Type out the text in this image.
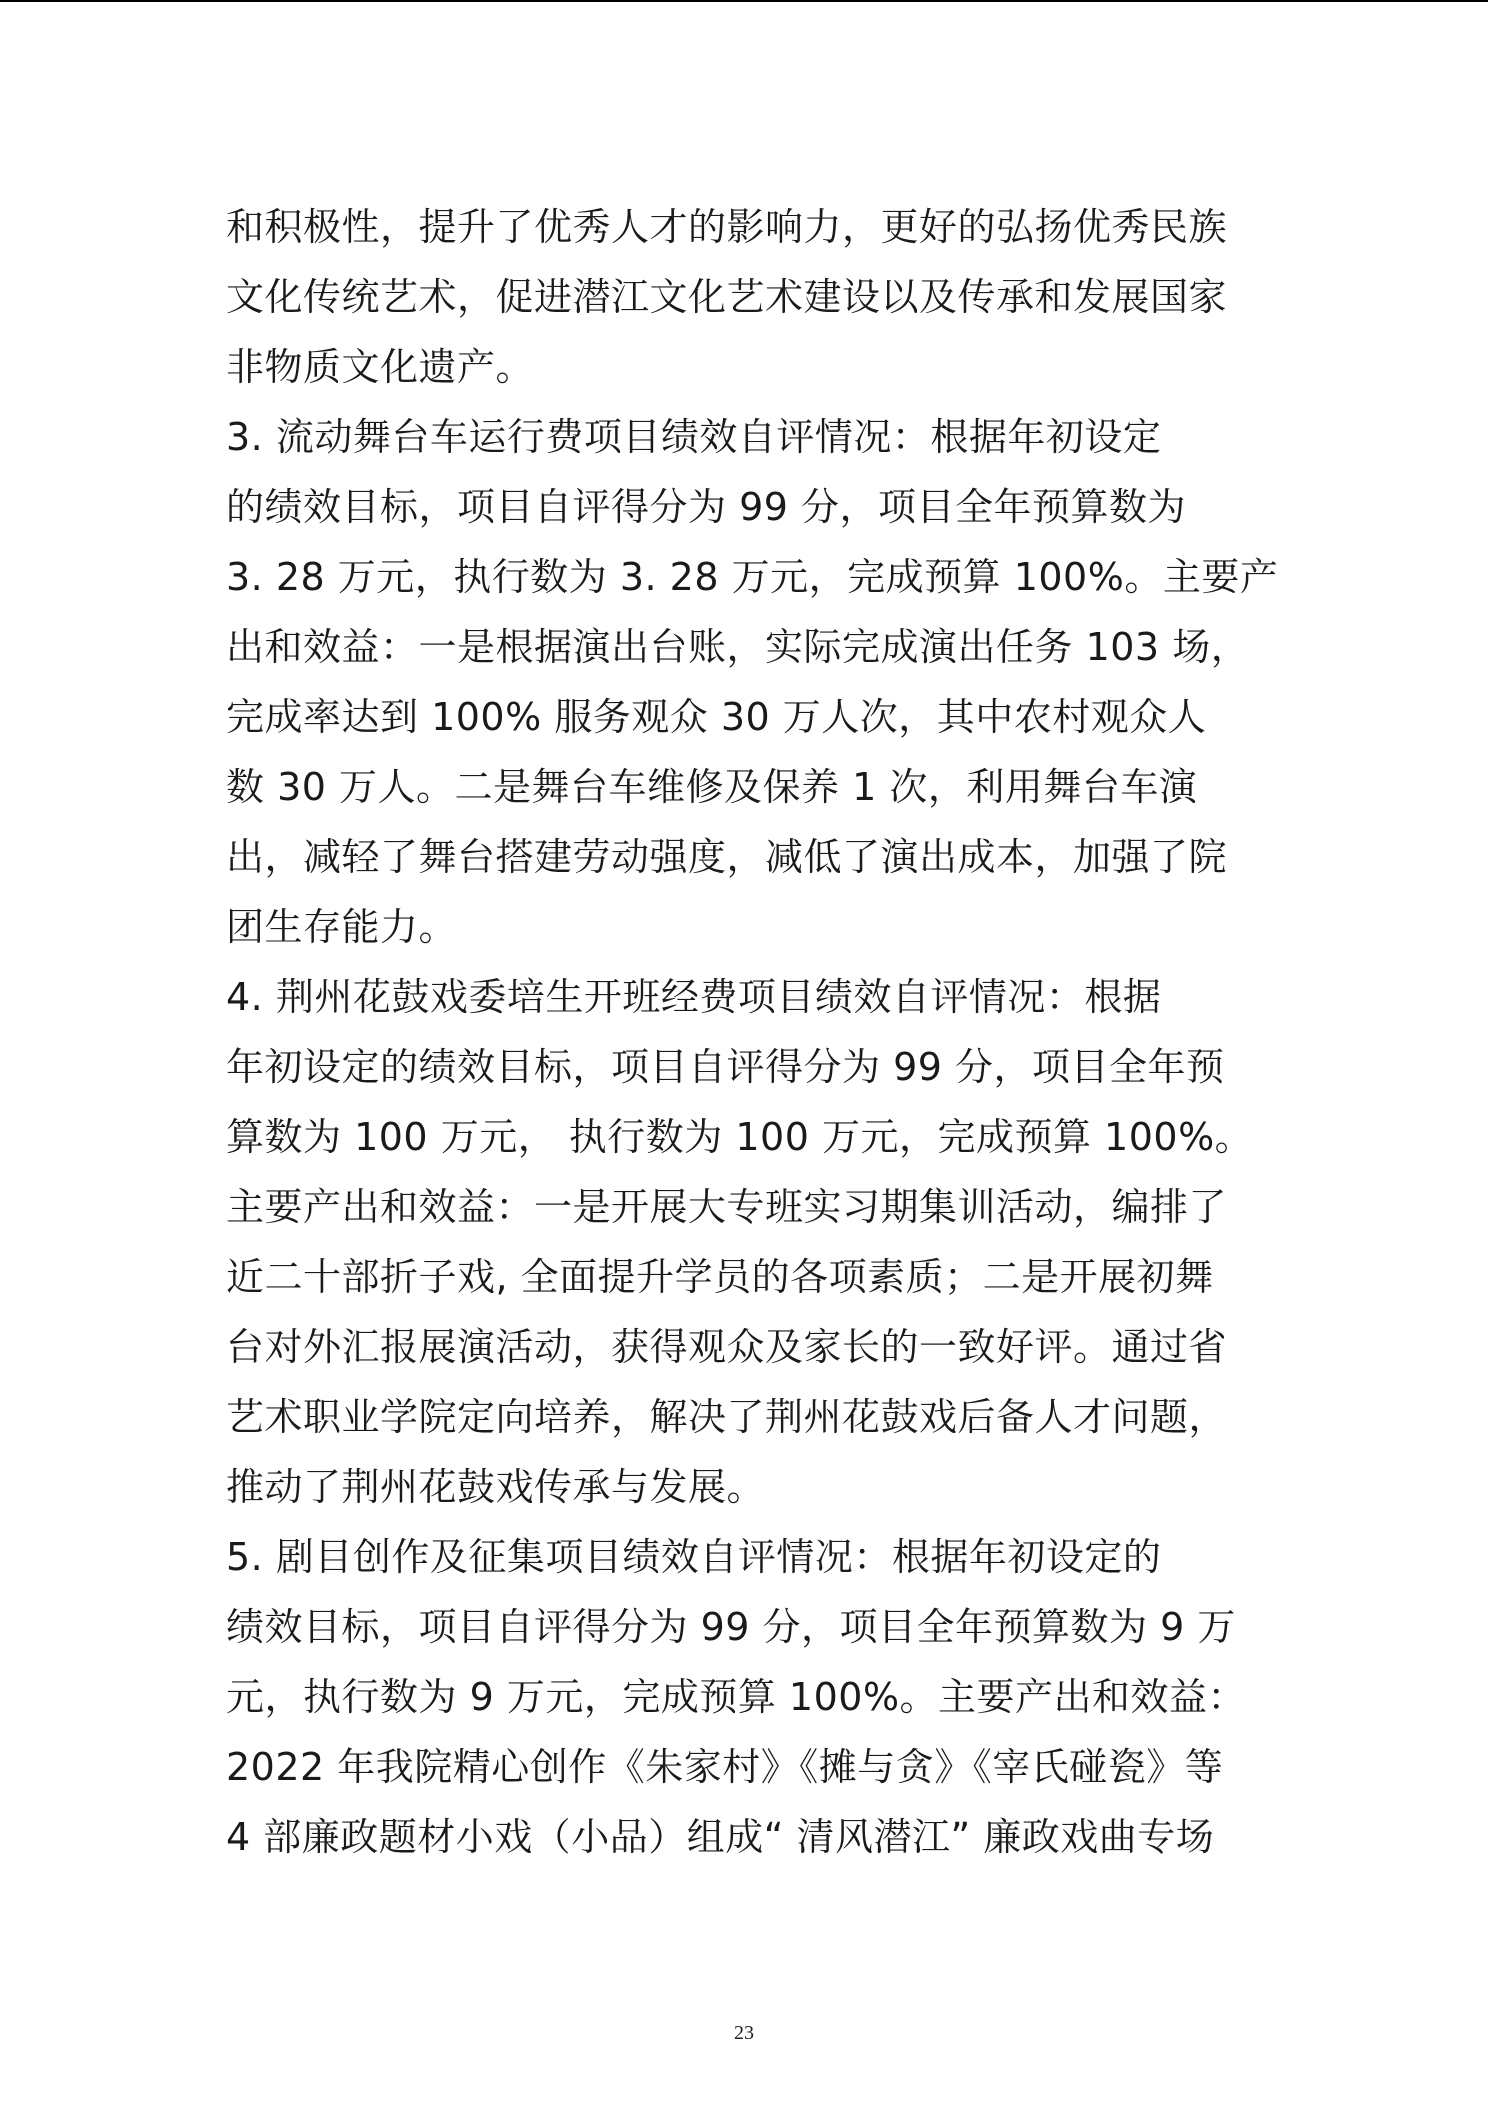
和积极性，提升了优秀人才的影响力，更好的弘扬优秀民族
文化传统艺术，促进潜江文化艺术建设以及传承和发展国家
非物质文化遗产。
3. 流动舞台车运行费项目绩效自评情况：根据年初设定
的绩效目标，项目自评得分为 99 分，项目全年预算数为
3. 28 万元，执行数为 3. 28 万元，完成预算 100%。主要产
出和效益：一是根据演出台账，实际完成演出任务 103 场，
完成率达到 100% 服务观众 30 万人次，其中农村观众人
数 30 万人。二是舞台车维修及保养 1 次，利用舞台车演
出，减轻了舞台搭建劳动强度，减低了演出成本，加强了院
团生存能力。
4. 荆州花鼓戏委培生开班经费项目绩效自评情况：根据
年初设定的绩效目标，项目自评得分为 99 分，项目全年预
算数为 100 万元， 执行数为 100 万元，完成预算 100%。
主要产出和效益：一是开展大专班实习期集训活动，编排了
近二十部折子戏, 全面提升学员的各项素质；二是开展初舞
台对外汇报展演活动，获得观众及家长的一致好评。通过省
艺术职业学院定向培养，解决了荆州花鼓戏后备人才问题，
推动了荆州花鼓戏传承与发展。
5. 剧目创作及征集项目绩效自评情况：根据年初设定的
绩效目标，项目自评得分为 99 分，项目全年预算数为 9 万
元，执行数为 9 万元，完成预算 100%。主要产出和效益：
2022 年我院精心创作《朱家村》《摊与贪》《宰氏碰瓷》等
4 部廉政题材小戏（小品）组成“ 清风潜江” 廉政戏曲专场
23
